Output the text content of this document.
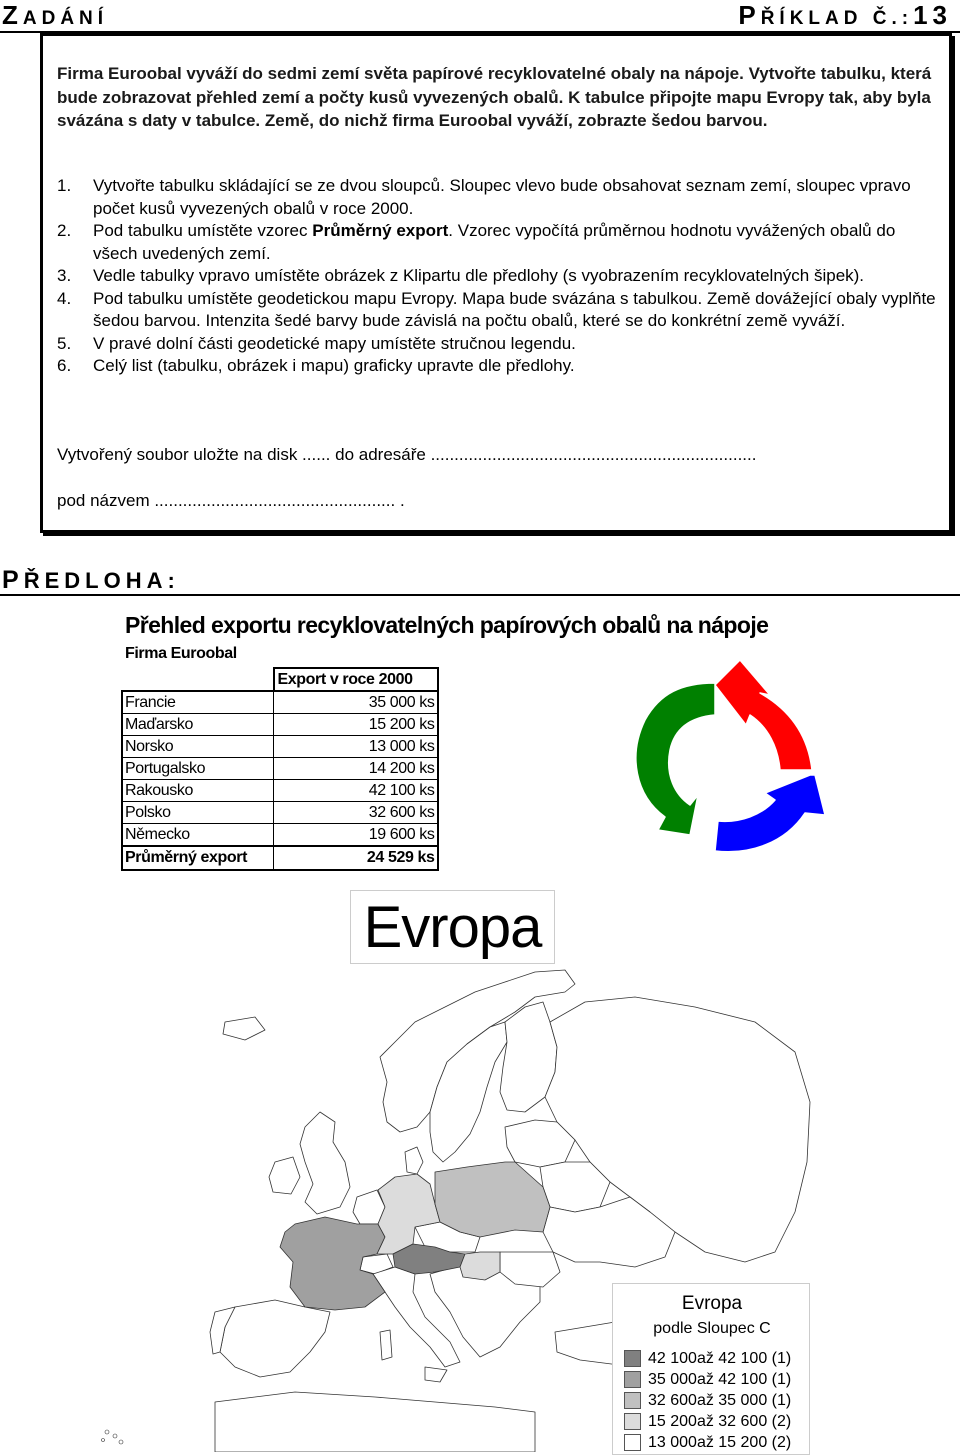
ZADÁNÍ	PŘÍKLAD Č.:13
Firma Euroobal vyváží do sedmi zemí světa papírové recyklovatelné obaly na nápoje. Vytvořte tabulku, která bude zobrazovat přehled zemí a počty kusů vyvezených obalů. K tabulce připojte mapu Evropy tak, aby byla svázána s daty v tabulce. Země, do nichž firma Euroobal vyváží, zobrazte šedou barvou.
1.	Vytvořte tabulku skládající se ze dvou sloupců. Sloupec vlevo bude obsahovat seznam zemí, sloupec vpravo počet kusů vyvezených obalů v roce 2000.
2.	Pod tabulku umístěte vzorec Průměrný export. Vzorec vypočítá průměrnou hodnotu vyvážených obalů do všech uvedených zemí.
3.	Vedle tabulky vpravo umístěte obrázek z Klipartu dle předlohy (s vyobrazením recyklovatelných šipek).
4.	Pod tabulku umístěte geodetickou mapu Evropy. Mapa bude svázána s tabulkou. Země dovážející obaly vyplňte šedou barvou. Intenzita šedé barvy bude závislá na počtu obalů, které se do konkrétní země vyváží.
5.	V pravé dolní části geodetické mapy umístěte stručnou legendu.
6.	Celý list (tabulku, obrázek i mapu) graficky upravte dle předlohy.
Vytvořený soubor uložte na disk ...... do adresáře .....................................................................
pod názvem ................................................... .
PŘEDLOHA:
Přehled exportu recyklovatelných papírových obalů na nápoje
Firma Euroobal
	Export v roce 2000
Francie	35 000 ks
Maďarsko	15 200 ks
Norsko	13 000 ks
Portugalsko	14 200 ks
Rakousko	42 100 ks
Polsko	32 600 ks
Německo	19 600 ks
Průměrný export	24 529 ks
Evropa
Evropa
podle Sloupec C
42 100až 42 100 (1)
35 000až 42 100 (1)
32 600až 35 000 (1)
15 200až 32 600 (2)
13 000až 15 200 (2)
